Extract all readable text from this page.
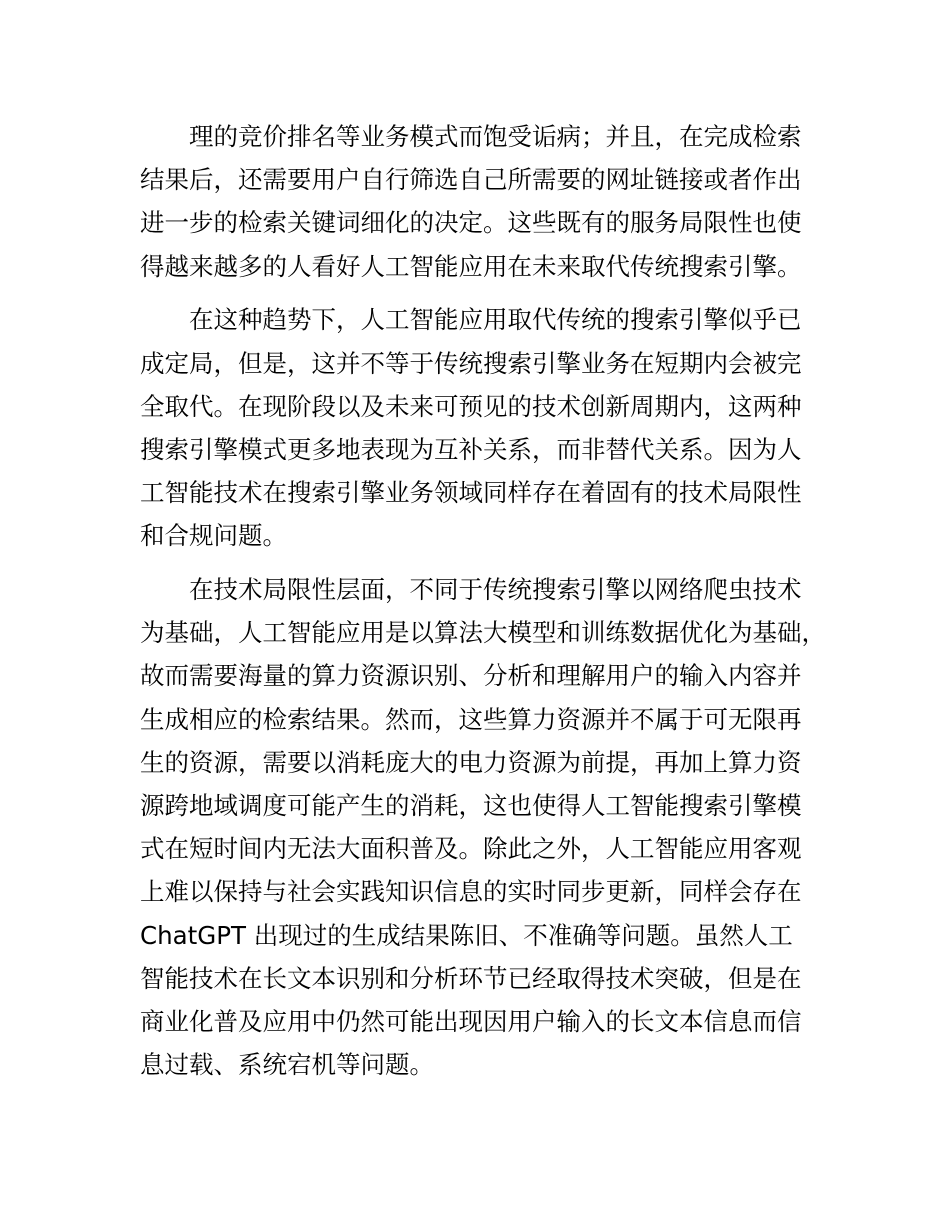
理的竞价排名等业务模式而饱受诟病；并且，在完成检索
结果后，还需要用户自行筛选自己所需要的网址链接或者作出
进一步的检索关键词细化的决定。这些既有的服务局限性也使
得越来越多的人看好人工智能应用在未来取代传统搜索引擎。

在这种趋势下，人工智能应用取代传统的搜索引擎似乎已
成定局，但是，这并不等于传统搜索引擎业务在短期内会被完
全取代。在现阶段以及未来可预见的技术创新周期内，这两种
搜索引擎模式更多地表现为互补关系，而非替代关系。因为人
工智能技术在搜索引擎业务领域同样存在着固有的技术局限性
和合规问题。

在技术局限性层面，不同于传统搜索引擎以网络爬虫技术
为基础，人工智能应用是以算法大模型和训练数据优化为基础，
故而需要海量的算力资源识别、分析和理解用户的输入内容并
生成相应的检索结果。然而，这些算力资源并不属于可无限再
生的资源，需要以消耗庞大的电力资源为前提，再加上算力资
源跨地域调度可能产生的消耗，这也使得人工智能搜索引擎模
式在短时间内无法大面积普及。除此之外，人工智能应用客观
上难以保持与社会实践知识信息的实时同步更新，同样会存在
ChatGPT 出现过的生成结果陈旧、不准确等问题。虽然人工
智能技术在长文本识别和分析环节已经取得技术突破，但是在
商业化普及应用中仍然可能出现因用户输入的长文本信息而信
息过载、系统宕机等问题。
